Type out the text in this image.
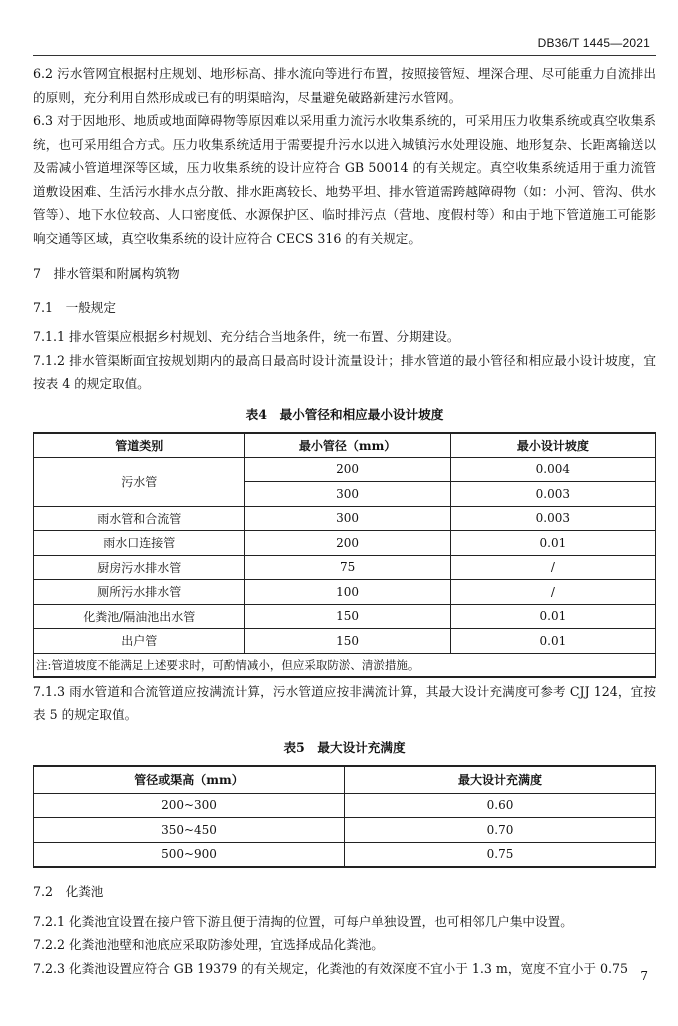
DB36/T 1445—2021

6.2 污水管网宜根据村庄规划、地形标高、排水流向等进行布置，按照接管短、埋深合理、尽可能重力自流排出的原则，充分利用自然形成或已有的明渠暗沟，尽量避免破路新建污水管网。

6.3 对于因地形、地质或地面障碍物等原因难以采用重力流污水收集系统的，可采用压力收集系统或真空收集系统，也可采用组合方式。压力收集系统适用于需要提升污水以进入城镇污水处理设施、地形复杂、长距离输送以及需减小管道埋深等区域，压力收集系统的设计应符合 GB 50014 的有关规定。真空收集系统适用于重力流管道敷设困难、生活污水排水点分散、排水距离较长、地势平坦、排水管道需跨越障碍物（如：小河、管沟、供水管等）、地下水位较高、人口密度低、水源保护区、临时排污点（营地、度假村等）和由于地下管道施工可能影响交通等区域，真空收集系统的设计应符合 CECS 316 的有关规定。

7　排水管渠和附属构筑物
7.1　一般规定

7.1.1 排水管渠应根据乡村规划、充分结合当地条件，统一布置、分期建设。

7.1.2 排水管渠断面宜按规划期内的最高日最高时设计流量设计；排水管道的最小管径和相应最小设计坡度，宜按表 4 的规定取值。

表4　最小管径和相应最小设计坡度
管道类别	最小管径（mm）	最小设计坡度
污水管	200	0.004
	300	0.003
雨水管和合流管	300	0.003
雨水口连接管	200	0.01
厨房污水排水管	75	/
厕所污水排水管	100	/
化粪池/隔油池出水管	150	0.01
出户管	150	0.01
注:管道坡度不能满足上述要求时，可酌情减小，但应采取防淤、清淤措施。		

7.1.3 雨水管道和合流管道应按满流计算，污水管道应按非满流计算，其最大设计充满度可参考 CJJ 124，宜按表 5 的规定取值。

表5　最大设计充满度
管径或渠高（mm）	最大设计充满度
200~300	0.60
350~450	0.70
500~900	0.75
7.2　化粪池

7.2.1 化粪池宜设置在接户管下游且便于清掏的位置，可每户单独设置，也可相邻几户集中设置。

7.2.2 化粪池池壁和池底应采取防渗处理，宜选择成品化粪池。

7.2.3 化粪池设置应符合 GB 19379 的有关规定，化粪池的有效深度不宜小于 1.3 m，宽度不宜小于 0.75

7
